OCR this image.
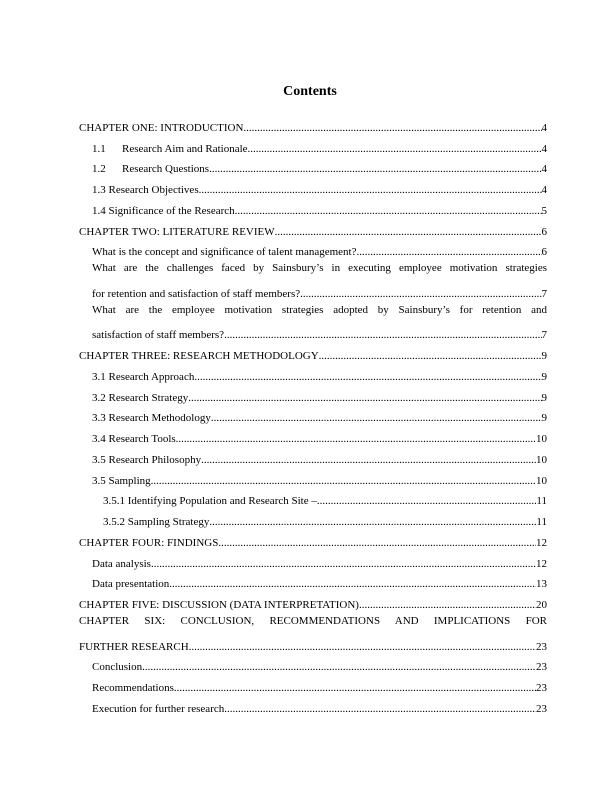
Contents
CHAPTER ONE: INTRODUCTION .....	4
1.1 Research Aim and Rationale .....	4
1.2 Research Questions .....	4
1.3 Research Objectives .....	4
1.4 Significance of the Research .....	5
CHAPTER TWO: LITERATURE REVIEW .....	6
What is the concept and significance of talent management? .....	6
What are the challenges faced by Sainsbury’s in executing employee motivation strategies
for retention and satisfaction of staff members? .....	7
What are the employee motivation strategies adopted by Sainsbury’s for retention and
satisfaction of staff members? .....	7
CHAPTER THREE: RESEARCH METHODOLOGY .....	9
3.1 Research Approach .....	9
3.2 Research Strategy .....	9
3.3 Research Methodology .....	9
3.4 Research Tools .....	10
3.5 Research Philosophy .....	10
3.5 Sampling .....	10
3.5.1 Identifying Population and Research Site – .....	11
3.5.2 Sampling Strategy .....	11
CHAPTER FOUR: FINDINGS .....	12
Data analysis .....	12
Data presentation .....	13
CHAPTER FIVE: DISCUSSION (DATA INTERPRETATION) .....	20
CHAPTER SIX: CONCLUSION, RECOMMENDATIONS AND IMPLICATIONS FOR
FURTHER RESEARCH .....	23
Conclusion .....	23
Recommendations .....	23
Execution for further research .....	23
